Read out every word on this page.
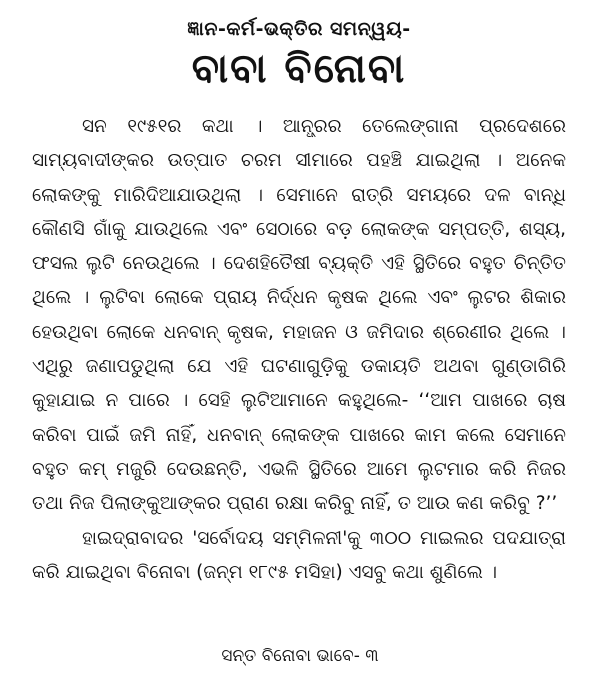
ଜ୍ଞାନ-କର୍ମ-ଭକ୍ତିର ସମନ୍ୱୟ-
ବାବା ବିନୋବା

ସନ ୧୯୫୧ର କଥା । ଆନ୍ଧ୍ରର ତେଲେଙ୍ଗାନା ପ୍ରଦେଶରେ ସାମ୍ୟବାଦୀଙ୍କର ଉତ୍ପାତ ଚରମ ସୀମାରେ ପହଞ୍ଚି ଯାଇଥିଲା । ଅନେକ ଲୋକଙ୍କୁ ମାରିଦିଆଯାଉଥିଲା । ସେମାନେ ରାତ୍ରି ସମୟରେ ଦଳ ବାନ୍ଧି କୌଣସି ଗାଁକୁ ଯାଉଥିଲେ ଏବଂ ସେଠାରେ ବଡ଼ ଲୋକଙ୍କ ସମ୍ପତ୍ତି, ଶସ୍ୟ, ଫସଲ ଲୁଟି ନେଉଥିଲେ । ଦେଶହିତୈଷୀ ବ୍ୟକ୍ତି ଏହି ସ୍ଥିତିରେ ବହୁତ ଚିନ୍ତିତ ଥିଲେ । ଲୁଟିବା ଲୋକେ ପ୍ରାୟ ନିର୍ଦ୍ଧନ କୃଷକ ଥିଲେ ଏବଂ ଲୁଟର ଶିକାର ହେଉଥିବା ଲୋକେ ଧନବାନ୍ କୃଷକ, ମହାଜନ ଓ ଜମିଦାର ଶ୍ରେଣୀର ଥିଲେ । ଏଥିରୁ ଜଣାପଡୁଥିଲା ଯେ ଏହି ଘଟଣାଗୁଡ଼ିକୁ ଡକାୟତି ଅଥବା ଗୁଣ୍ଡାଗିରି କୁହାଯାଇ ନ ପାରେ । ସେହି ଲୁଟିଆମାନେ କହୁଥିଲେ- ‘‘ଆମ ପାଖରେ ଚାଷ କରିବା ପାଇଁ ଜମି ନାହିଁ, ଧନବାନ୍ ଲୋକଙ୍କ ପାଖରେ କାମ କଲେ ସେମାନେ ବହୁତ କମ୍ ମଜୁରି ଦେଉଛନ୍ତି, ଏଭଳି ସ୍ଥିତିରେ ଆମେ ଲୁଟମାର କରି ନିଜର ତଥା ନିଜ ପିଲାଙ୍କୁଆଙ୍କର ପ୍ରାଣ ରକ୍ଷା କରିବୁ ନାହିଁ, ତ ଆଉ କଣ କରିବୁ ?’’

ହାଇଦ୍ରାବାଦର 'ସର୍ବୋଦୟ ସମ୍ମିଳନୀ'କୁ ୩୦୦ ମାଇଲର ପଦଯାତ୍ରା କରି ଯାଇଥିବା ବିନୋବା (ଜନ୍ମ ୧୮୯୫ ମସିହା) ଏସବୁ କଥା ଶୁଣିଲେ ।

ସନ୍ତ ବିନୋବା ଭାବେ- ୩
